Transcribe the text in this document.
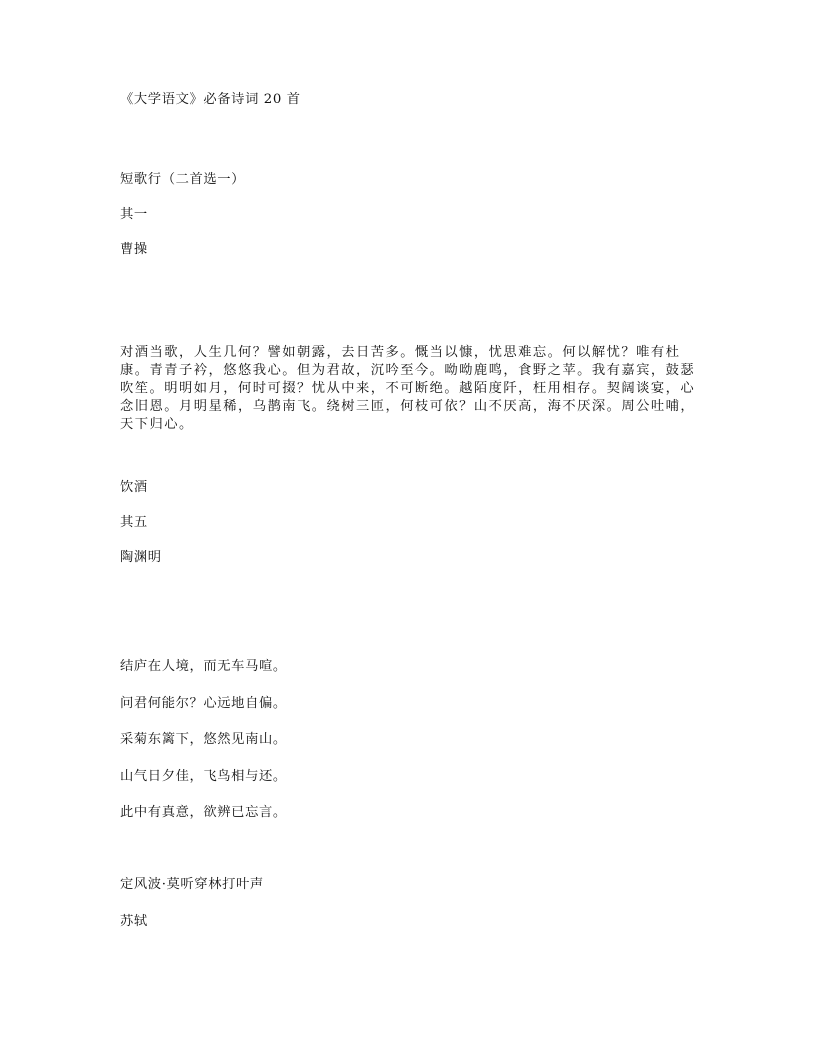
《大学语文》必备诗词 20 首
短歌行（二首选一）
其一
曹操
对酒当歌，人生几何？譬如朝露，去日苦多。慨当以慷，忧思难忘。何以解忧？唯有杜康。青青子衿，悠悠我心。但为君故，沉吟至今。呦呦鹿鸣，食野之苹。我有嘉宾，鼓瑟吹笙。明明如月，何时可掇？忧从中来，不可断绝。越陌度阡，枉用相存。契阔谈宴，心念旧恩。月明星稀，乌鹊南飞。绕树三匝，何枝可依？山不厌高，海不厌深。周公吐哺，天下归心。
饮酒
其五
陶渊明
结庐在人境，而无车马喧。
问君何能尔？心远地自偏。
采菊东篱下，悠然见南山。
山气日夕佳，飞鸟相与还。
此中有真意，欲辨已忘言。
定风波·莫听穿林打叶声
苏轼
